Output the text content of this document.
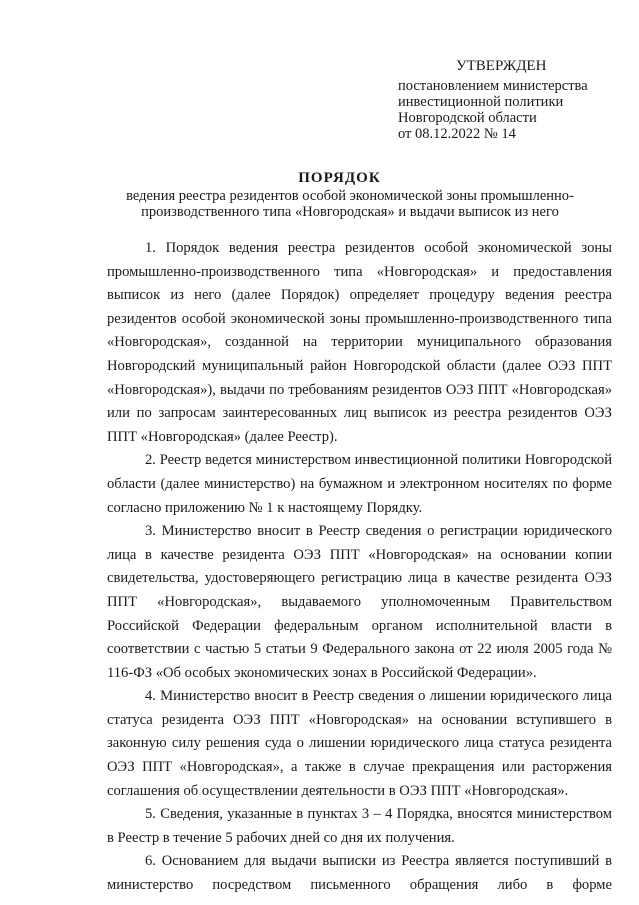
УТВЕРЖДЕН
постановлением министерства
инвестиционной политики
Новгородской области
от 08.12.2022 № 14
ПОРЯДОК
ведения реестра резидентов особой экономической зоны промышленно-производственного типа «Новгородская» и выдачи выписок из него

1. Порядок ведения реестра резидентов особой экономической зоны промышленно-производственного типа «Новгородская» и предоставления выписок из него (далее Порядок) определяет процедуру ведения реестра резидентов особой экономической зоны промышленно-производственного типа «Новгородская», созданной на территории муниципального образования Новгородский муниципальный район Новгородской области (далее ОЭЗ ППТ «Новгородская»), выдачи по требованиям резидентов ОЭЗ ППТ «Новгородская» или по запросам заинтересованных лиц выписок из реестра резидентов ОЭЗ ППТ «Новгородская» (далее Реестр).

2. Реестр ведется министерством инвестиционной политики Новгородской области (далее министерство) на бумажном и электронном носителях по форме согласно приложению № 1 к настоящему Порядку.

3. Министерство вносит в Реестр сведения о регистрации юридического лица в качестве резидента ОЭЗ ППТ «Новгородская» на основании копии свидетельства, удостоверяющего регистрацию лица в качестве резидента ОЭЗ ППТ «Новгородская», выдаваемого уполномоченным Правительством Российской Федерации федеральным органом исполнительной власти в соответствии с частью 5 статьи 9 Федерального закона от 22 июля 2005 года № 116-ФЗ «Об особых экономических зонах в Российской Федерации».

4. Министерство вносит в Реестр сведения о лишении юридического лица статуса резидента ОЭЗ ППТ «Новгородская» на основании вступившего в законную силу решения суда о лишении юридического лица статуса резидента ОЭЗ ППТ «Новгородская», а также в случае прекращения или расторжения соглашения об осуществлении деятельности в ОЭЗ ППТ «Новгородская».

5. Сведения, указанные в пунктах 3 – 4 Порядка, вносятся министерством в Реестр в течение 5 рабочих дней со дня их получения.

6. Основанием для выдачи выписки из Реестра является поступивший в министерство посредством письменного обращения либо в форме
